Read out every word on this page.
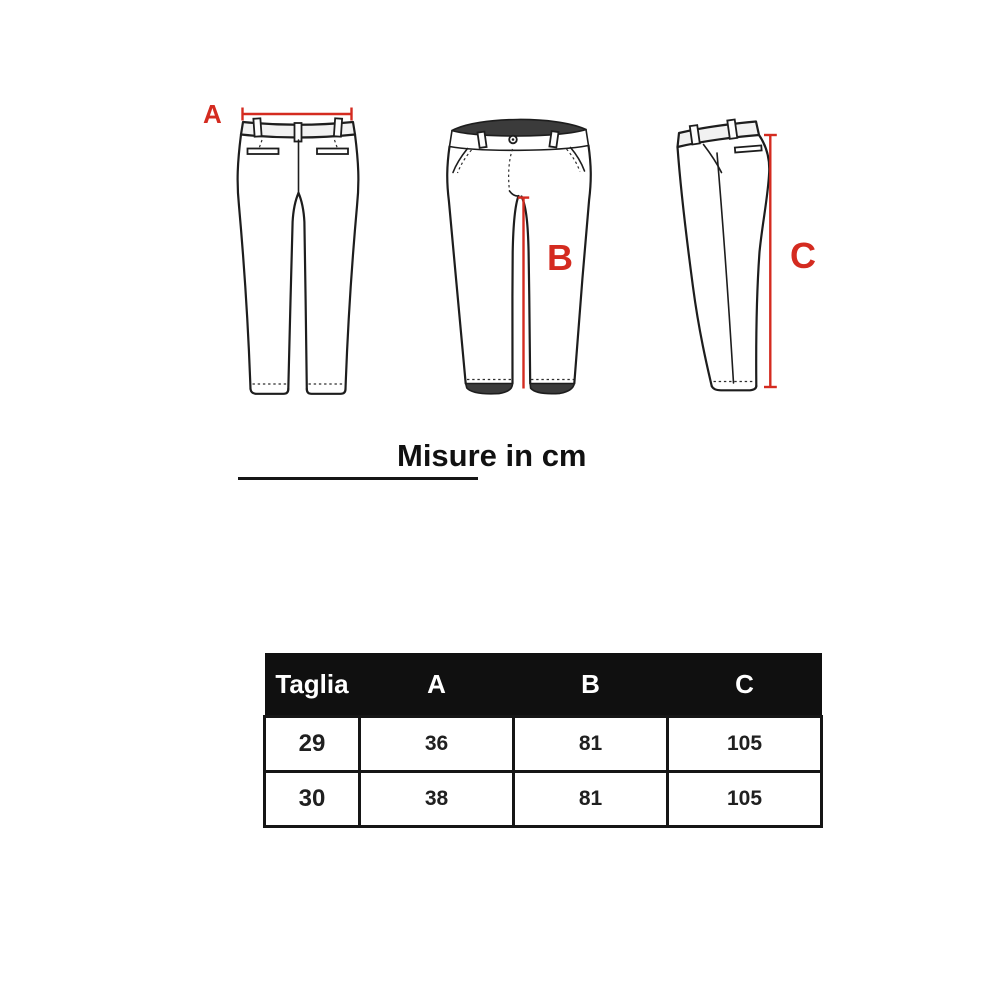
A
B	C
Misure in cm
Taglia	A	B	C
29	36	81	105
30	38	81	105
